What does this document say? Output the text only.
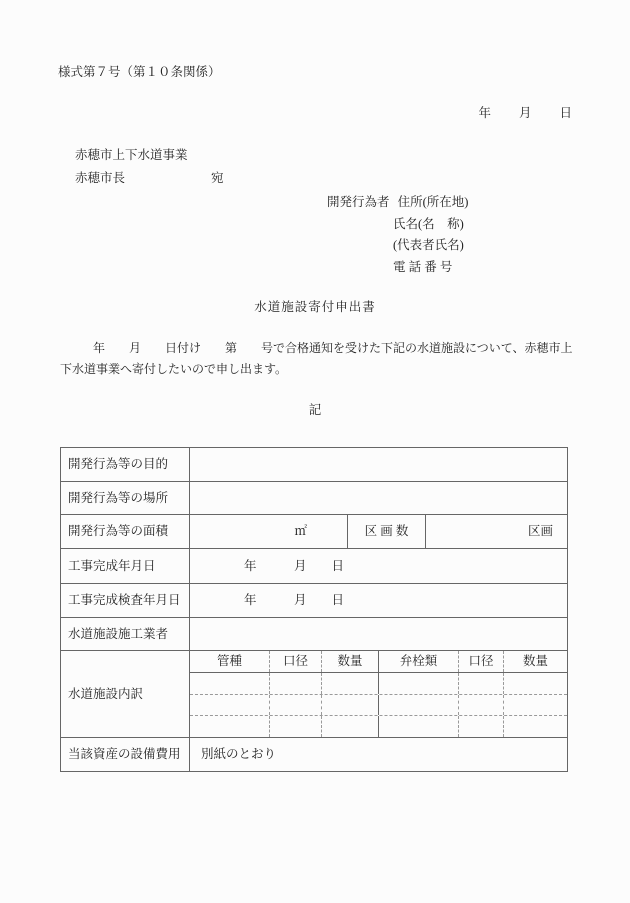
様式第７号（第１０条関係）
年　　月　　日
赤穂市上下水道事業
赤穂市長	宛
開発行為者 住所(所在地)
氏名(名　称)
(代表者氏名)
電 話 番 号
水道施設寄付申出書
年　　月　　日付け　　第　　号で合格通知を受けた下記の水道施設について、赤穂市上
下水道事業へ寄付したいので申し出ます。
記
開発行為等の目的
開発行為等の場所
開発行為等の面積	㎡	区 画 数	区画
工事完成年月日	年　　　月　　日
工事完成検査年月日	年　　　月　　日
水道施設施工業者
水道施設内訳
管種	口径	数量	弁栓類	口径	数量
当該資産の設備費用	別紙のとおり
